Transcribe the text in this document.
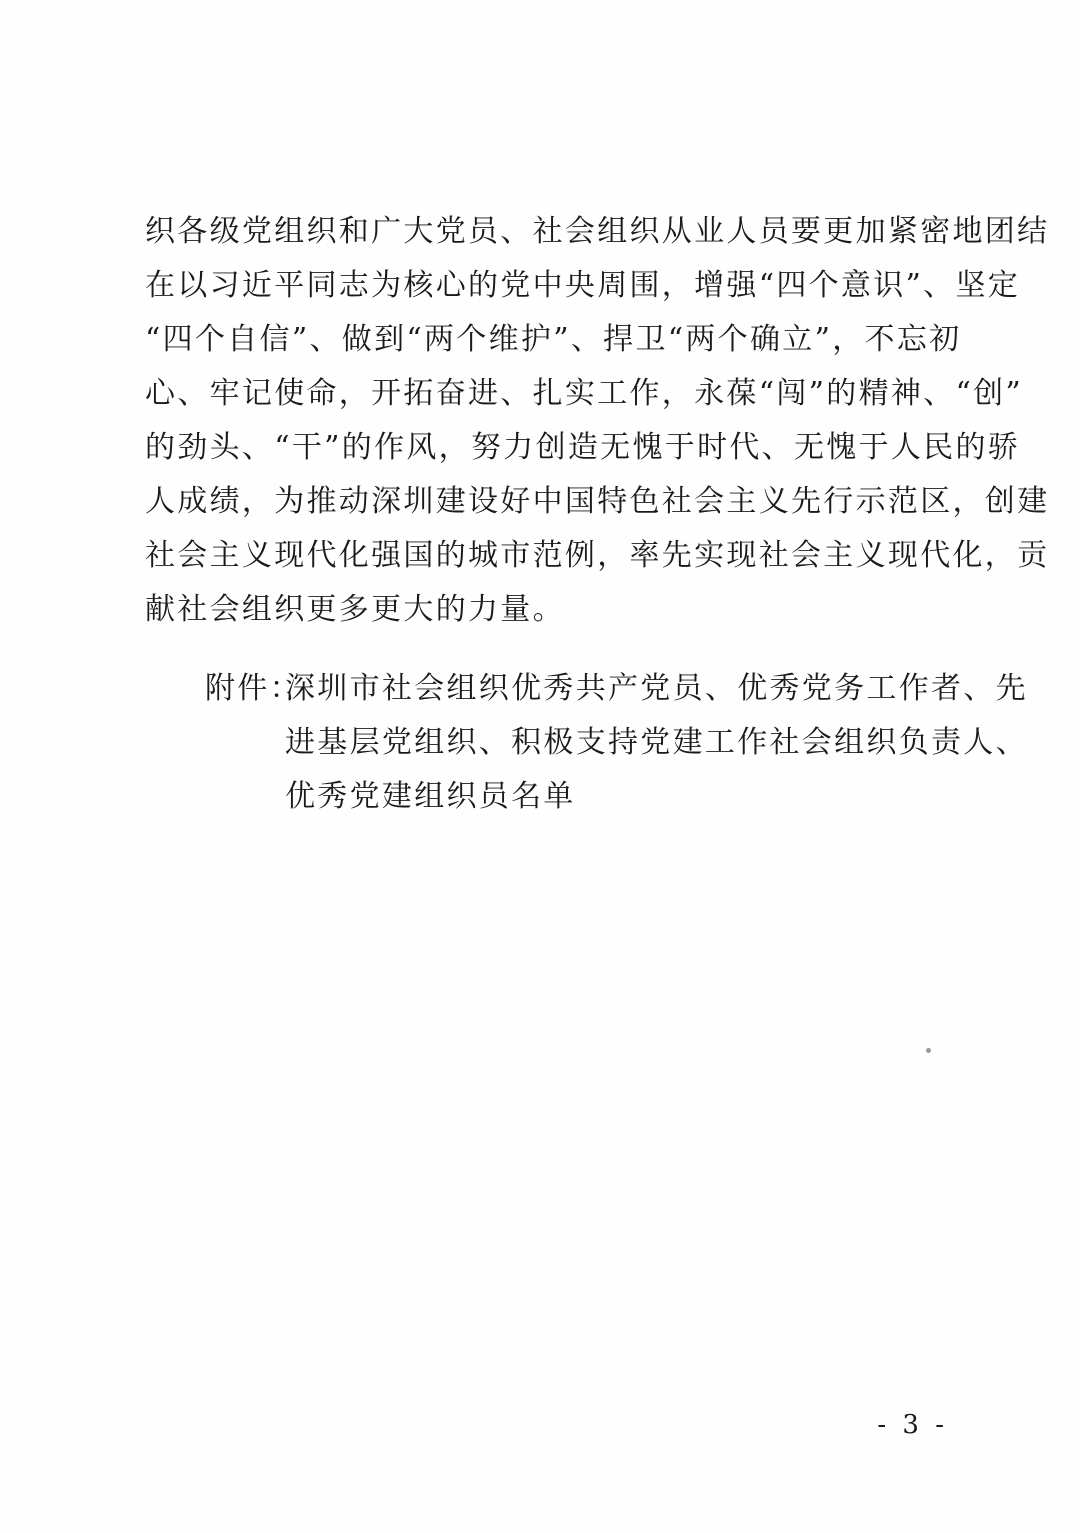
织各级党组织和广大党员、社会组织从业人员要更加紧密地团结
在以习近平同志为核心的党中央周围，增强“四个意识”、坚定
“四个自信”、做到“两个维护”、捍卫“两个确立”，不忘初
心、牢记使命，开拓奋进、扎实工作，永葆“闯”的精神、“创”
的劲头、“干”的作风，努力创造无愧于时代、无愧于人民的骄
人成绩，为推动深圳建设好中国特色社会主义先行示范区，创建
社会主义现代化强国的城市范例，率先实现社会主义现代化，贡
献社会组织更多更大的力量。
附件：
深圳市社会组织优秀共产党员、优秀党务工作者、先
进基层党组织、积极支持党建工作社会组织负责人、
优秀党建组织员名单
- 3 -
